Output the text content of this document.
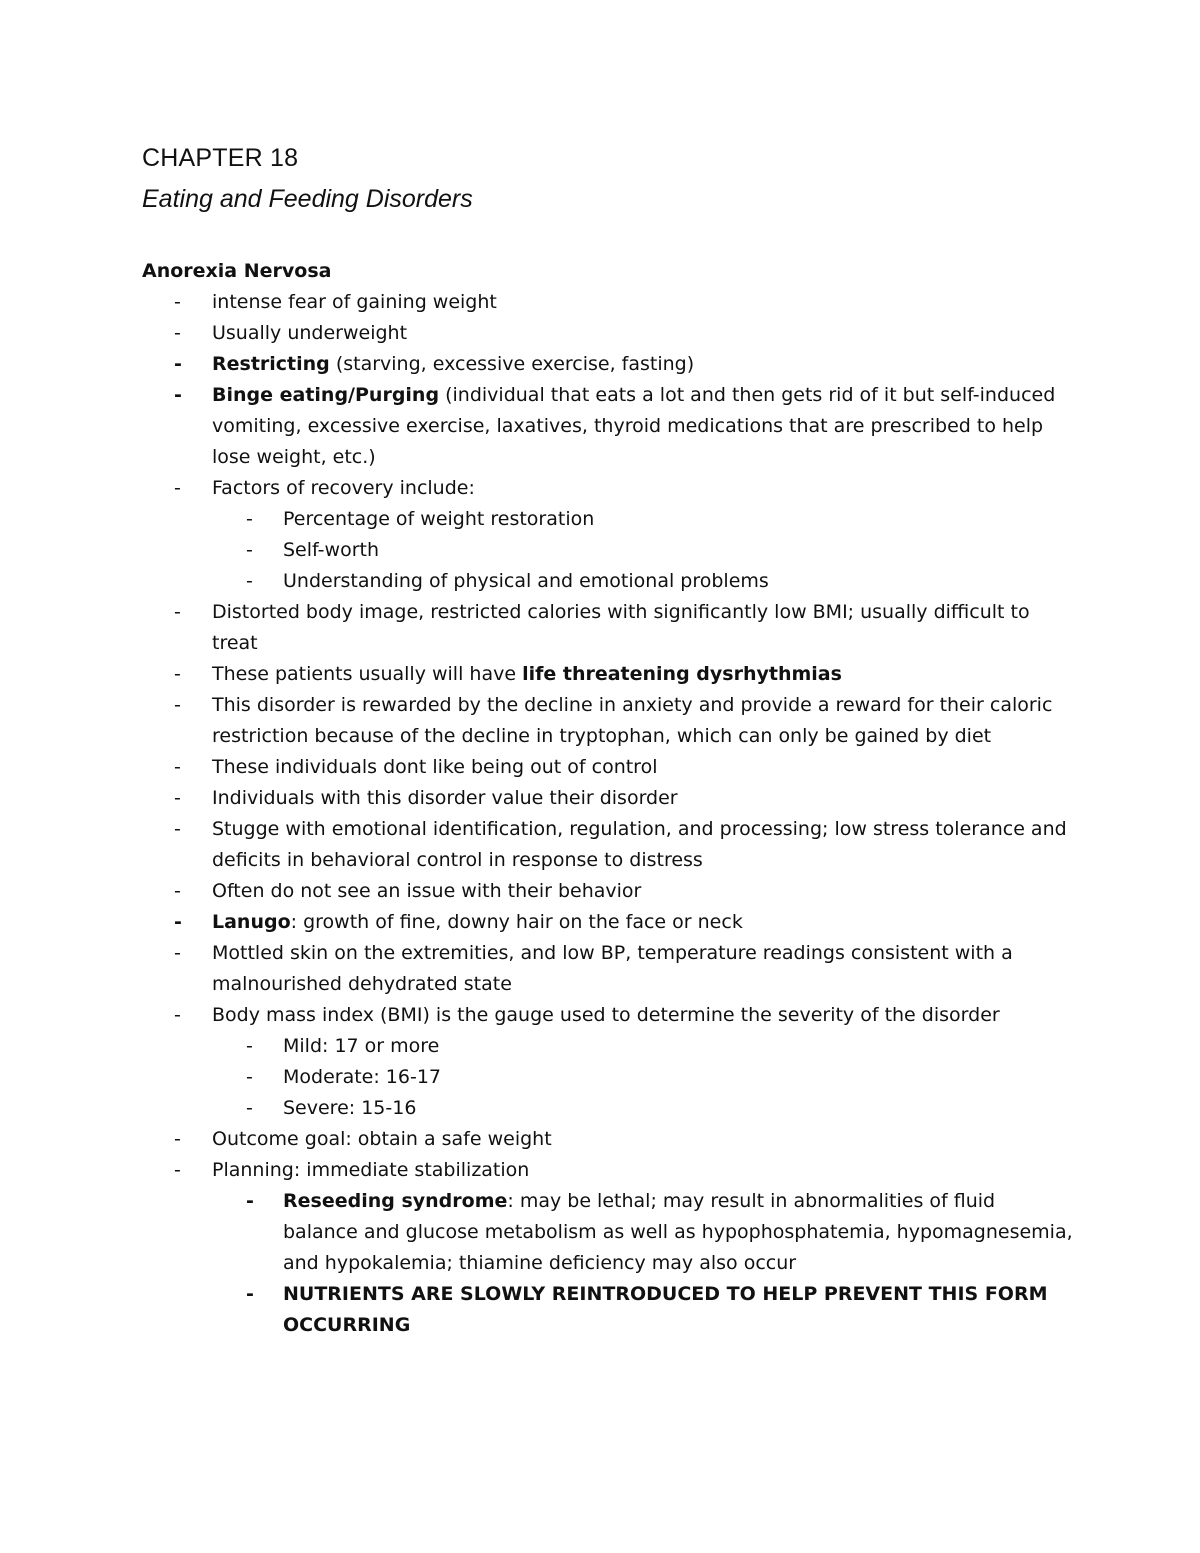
CHAPTER 18
Eating and Feeding Disorders
Anorexia Nervosa
- intense fear of gaining weight
- Usually underweight
- Restricting (starving, excessive exercise, fasting)
- Binge eating/Purging (individual that eats a lot and then gets rid of it but self-induced vomiting, excessive exercise, laxatives, thyroid medications that are prescribed to help lose weight, etc.)
- Factors of recovery include:
- Percentage of weight restoration
- Self-worth
- Understanding of physical and emotional problems
- Distorted body image, restricted calories with significantly low BMI; usually difficult to treat
- These patients usually will have life threatening dysrhythmias
- This disorder is rewarded by the decline in anxiety and provide a reward for their caloric restriction because of the decline in tryptophan, which can only be gained by diet
- These individuals dont like being out of control
- Individuals with this disorder value their disorder
- Stugge with emotional identification, regulation, and processing; low stress tolerance and deficits in behavioral control in response to distress
- Often do not see an issue with their behavior
- Lanugo: growth of fine, downy hair on the face or neck
- Mottled skin on the extremities, and low BP, temperature readings consistent with a malnourished dehydrated state
- Body mass index (BMI) is the gauge used to determine the severity of the disorder
- Mild: 17 or more
- Moderate: 16-17
- Severe: 15-16
- Outcome goal: obtain a safe weight
- Planning: immediate stabilization
- Reseeding syndrome: may be lethal; may result in abnormalities of fluid balance and glucose metabolism as well as hypophosphatemia, hypomagnesemia, and hypokalemia; thiamine deficiency may also occur
- NUTRIENTS ARE SLOWLY REINTRODUCED TO HELP PREVENT THIS FORM OCCURRING
